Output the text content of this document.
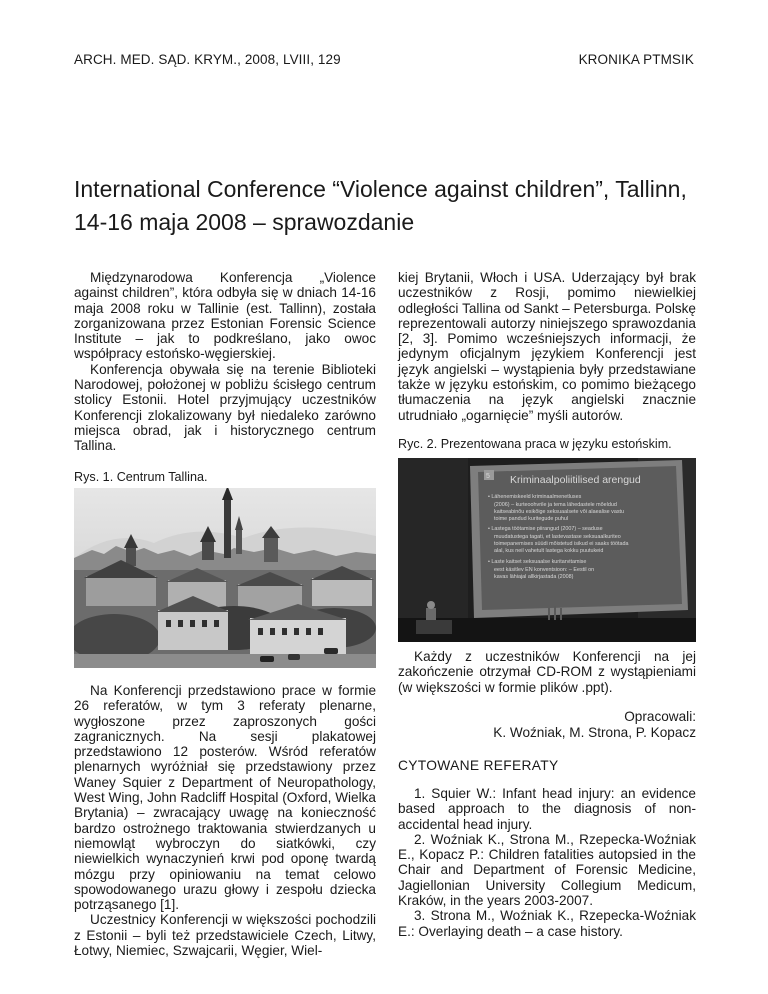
ARCH. MED. SĄD. KRYM., 2008, LVIII, 129	KRONIKA PTMSIK
International Conference “Violence against children”, Tallinn,
14-16 maja 2008 – sprawozdanie

Międzynarodowa Konferencja „Violence against children”, która odbyła się w dniach 14-16 maja 2008 roku w Tallinie (est. Tallinn), została zorganizowana przez Estonian Forensic Science Institute – jak to podkreślano, jako owoc współpracy estońsko-węgierskiej.

Konferencja obywała się na terenie Biblioteki Narodowej, położonej w pobliżu ścisłego centrum stolicy Estonii. Hotel przyjmujący uczestników Konferencji zlokalizowany był niedaleko zarówno miejsca obrad, jak i historycznego centrum Tallina.

Rys. 1. Centrum Tallina.

Na Konferencji przedstawiono prace w formie 26 referatów, w tym 3 referaty plenarne, wygłoszone przez zaproszonych gości zagranicznych. Na sesji plakatowej przedstawiono 12 posterów. Wśród referatów plenarnych wyróżniał się przedstawiony przez Waney Squier z Department of Neuropathology, West Wing, John Radcliff Hospital (Oxford, Wielka Brytania) – zwracający uwagę na konieczność bardzo ostrożnego traktowania stwierdzanych u niemowląt wybroczyn do siatkówki, czy niewielkich wynaczynień krwi pod oponę twardą mózgu przy opiniowaniu na temat celowo spowodowanego urazu głowy i zespołu dziecka potrząsanego [1].

Uczestnicy Konferencji w większości pochodzili z Estonii – byli też przedstawiciele Czech, Litwy, Łotwy, Niemiec, Szwajcarii, Węgier, Wiel-

kiej Brytanii, Włoch i USA. Uderzający był brak uczestników z Rosji, pomimo niewielkiej odległości Tallina od Sankt – Petersburga. Polskę reprezentowali autorzy niniejszego sprawozdania [2, 3]. Pomimo wcześniejszych informacji, że jedynym oficjalnym językiem Konferencji jest język angielski – wystąpienia były przedstawiane także w języku estońskim, co pomimo bieżącego tłumaczenia na język angielski znacznie utrudniało „ogarnięcie” myśli autorów.

Ryc. 2. Prezentowana praca w języku estońskim.
5 Kriminaalpoliitilised arengud
• Lähenemiskeeld kriminaalmenetluses
(2006) – kurteoohvrile ja tema lähedastele mõeldud
kaitseabinõu esikõige seksuaalsete või alaealise vastu
toime pandud kuritegude puhul
• Lastega töötamise piirangud (2007) – seaduse
muudatustega tagati, et lastevastase seksuaalkuriteo
toimepanemises süüdi mõistetud isikud ei saaks töötada
alal, kus neil vahetult lastega kokku puutukeid
• Laste kaitset seksuaalse kuritarvitamise
eest käsitlev EN konventsioon: – Eestil on
kavas lähiajal allkirjastada (2008)

Każdy z uczestników Konferencji na jej zakończenie otrzymał CD-ROM z wystąpieniami (w większości w formie plików .ppt).

Opracowali:
K. Woźniak, M. Strona, P. Kopacz
CYTOWANE REFERATY

1. Squier W.: Infant head injury: an evidence based approach to the diagnosis of non-accidental head injury.

2. Woźniak K., Strona M., Rzepecka-Woźniak E., Kopacz P.: Children fatalities autopsied in the Chair and Department of Forensic Medicine, Jagiellonian University Collegium Medicum, Kraków, in the years 2003-2007.

3. Strona M., Woźniak K., Rzepecka-Woźniak E.: Overlaying death – a case history.
